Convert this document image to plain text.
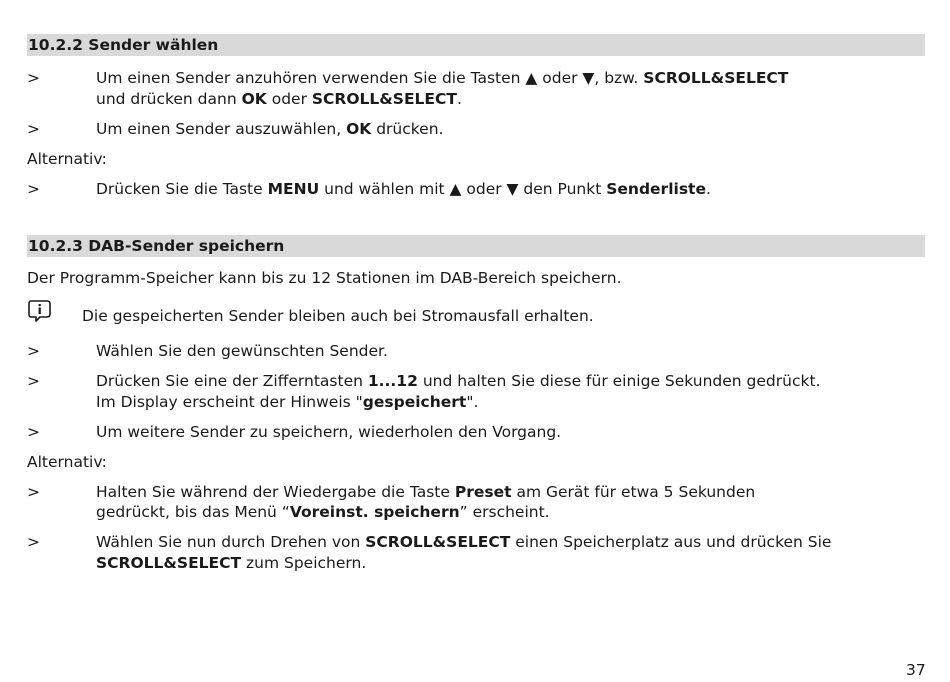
10.2.2 Sender wählen
>	Um einen Sender anzuhören verwenden Sie die Tasten ▲ oder ▼, bzw. SCROLL&SELECT
und drücken dann OK oder SCROLL&SELECT.
>	Um einen Sender auszuwählen, OK drücken.
Alternativ:
>	Drücken Sie die Taste MENU und wählen mit ▲ oder ▼ den Punkt Senderliste.
10.2.3 DAB-Sender speichern
Der Programm-Speicher kann bis zu 12 Stationen im DAB-Bereich speichern.
Die gespeicherten Sender bleiben auch bei Stromausfall erhalten.
>	Wählen Sie den gewünschten Sender.
>	Drücken Sie eine der Zifferntasten 1...12 und halten Sie diese für einige Sekunden gedrückt.
Im Display erscheint der Hinweis "gespeichert".
>	Um weitere Sender zu speichern, wiederholen den Vorgang.
Alternativ:
>	Halten Sie während der Wiedergabe die Taste Preset am Gerät für etwa 5 Sekunden
gedrückt, bis das Menü “Voreinst. speichern” erscheint.
>	Wählen Sie nun durch Drehen von SCROLL&SELECT einen Speicherplatz aus und drücken Sie
SCROLL&SELECT zum Speichern.
37
